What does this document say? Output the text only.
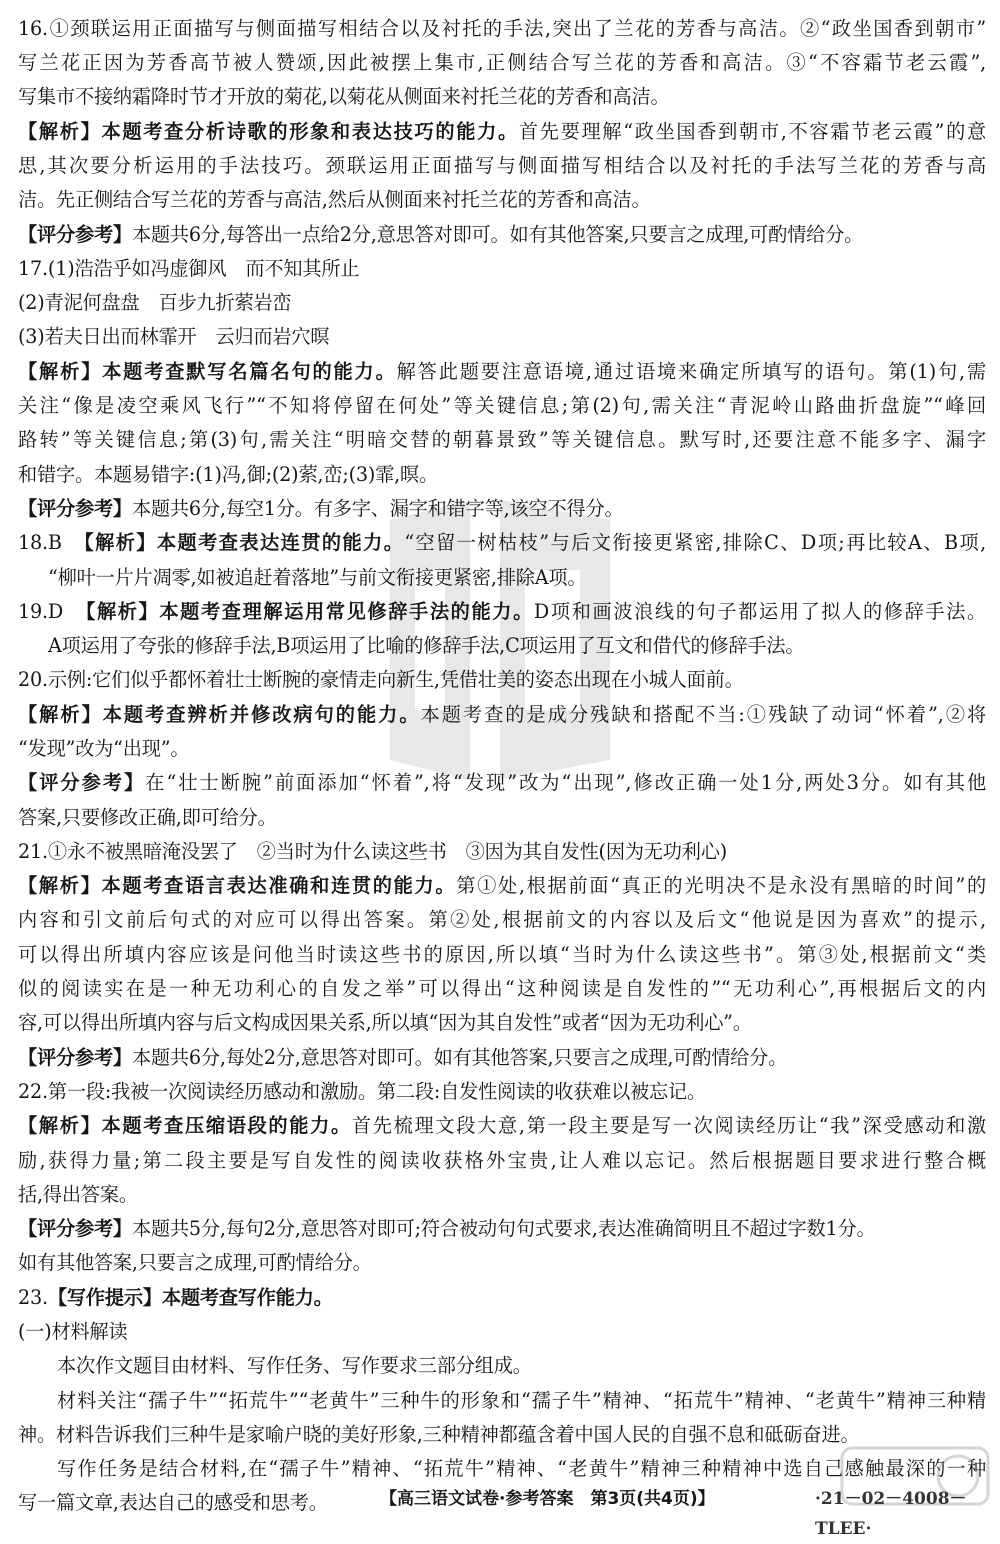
16.①颈联运用正面描写与侧面描写相结合以及衬托的手法,突出了兰花的芳香与高洁。②“政坐国香到朝市”
写兰花正因为芳香高节被人赞颂,因此被摆上集市,正侧结合写兰花的芳香和高洁。③“不容霜节老云霞”,
写集市不接纳霜降时节才开放的菊花,以菊花从侧面来衬托兰花的芳香和高洁。
【解析】本题考查分析诗歌的形象和表达技巧的能力。首先要理解“政坐国香到朝市,不容霜节老云霞”的意
思,其次要分析运用的手法技巧。颈联运用正面描写与侧面描写相结合以及衬托的手法写兰花的芳香与高
洁。先正侧结合写兰花的芳香与高洁,然后从侧面来衬托兰花的芳香和高洁。
【评分参考】本题共6分,每答出一点给2分,意思答对即可。如有其他答案,只要言之成理,可酌情给分。
17.(1)浩浩乎如冯虚御风　而不知其所止
(2)青泥何盘盘　百步九折萦岩峦
(3)若夫日出而林霏开　云归而岩穴暝
【解析】本题考查默写名篇名句的能力。解答此题要注意语境,通过语境来确定所填写的语句。第(1)句,需
关注“像是凌空乘风飞行”“不知将停留在何处”等关键信息;第(2)句,需关注“青泥岭山路曲折盘旋”“峰回
路转”等关键信息;第(3)句,需关注“明暗交替的朝暮景致”等关键信息。默写时,还要注意不能多字、漏字
和错字。本题易错字:(1)冯,御;(2)萦,峦;(3)霏,暝。
【评分参考】本题共6分,每空1分。有多字、漏字和错字等,该空不得分。
18.B　【解析】本题考查表达连贯的能力。“空留一树枯枝”与后文衔接更紧密,排除C、D项;再比较A、B项,
“柳叶一片片凋零,如被追赶着落地”与前文衔接更紧密,排除A项。
19.D　【解析】本题考查理解运用常见修辞手法的能力。D项和画波浪线的句子都运用了拟人的修辞手法。
A项运用了夸张的修辞手法,B项运用了比喻的修辞手法,C项运用了互文和借代的修辞手法。
20.示例:它们似乎都怀着壮士断腕的豪情走向新生,凭借壮美的姿态出现在小城人面前。
【解析】本题考查辨析并修改病句的能力。本题考查的是成分残缺和搭配不当:①残缺了动词“怀着”,②将
“发现”改为“出现”。
【评分参考】在“壮士断腕”前面添加“怀着”,将“发现”改为“出现”,修改正确一处1分,两处3分。如有其他
答案,只要修改正确,即可给分。
21.①永不被黑暗淹没罢了　②当时为什么读这些书　③因为其自发性(因为无功利心)
【解析】本题考查语言表达准确和连贯的能力。第①处,根据前面“真正的光明决不是永没有黑暗的时间”的
内容和引文前后句式的对应可以得出答案。第②处,根据前文的内容以及后文“他说是因为喜欢”的提示,
可以得出所填内容应该是问他当时读这些书的原因,所以填“当时为什么读这些书”。第③处,根据前文“类
似的阅读实在是一种无功利心的自发之举”可以得出“这种阅读是自发性的”“无功利心”,再根据后文的内
容,可以得出所填内容与后文构成因果关系,所以填“因为其自发性”或者“因为无功利心”。
【评分参考】本题共6分,每处2分,意思答对即可。如有其他答案,只要言之成理,可酌情给分。
22.第一段:我被一次阅读经历感动和激励。第二段:自发性阅读的收获难以被忘记。
【解析】本题考查压缩语段的能力。首先梳理文段大意,第一段主要是写一次阅读经历让“我”深受感动和激
励,获得力量;第二段主要是写自发性的阅读收获格外宝贵,让人难以忘记。然后根据题目要求进行整合概
括,得出答案。
【评分参考】本题共5分,每句2分,意思答对即可;符合被动句句式要求,表达准确简明且不超过字数1分。
如有其他答案,只要言之成理,可酌情给分。
23.【写作提示】本题考查写作能力。
(一)材料解读
本次作文题目由材料、写作任务、写作要求三部分组成。
材料关注“孺子牛”“拓荒牛”“老黄牛”三种牛的形象和“孺子牛”精神、“拓荒牛”精神、“老黄牛”精神三种精
神。材料告诉我们三种牛是家喻户晓的美好形象,三种精神都蕴含着中国人民的自强不息和砥砺奋进。
写作任务是结合材料,在“孺子牛”精神、“拓荒牛”精神、“老黄牛”精神三种精神中选自己感触最深的一种
写一篇文章,表达自己的感受和思考。	【高三语文试卷·参考答案　第3页(共4页)】	·21－02－4008－TLEE·
